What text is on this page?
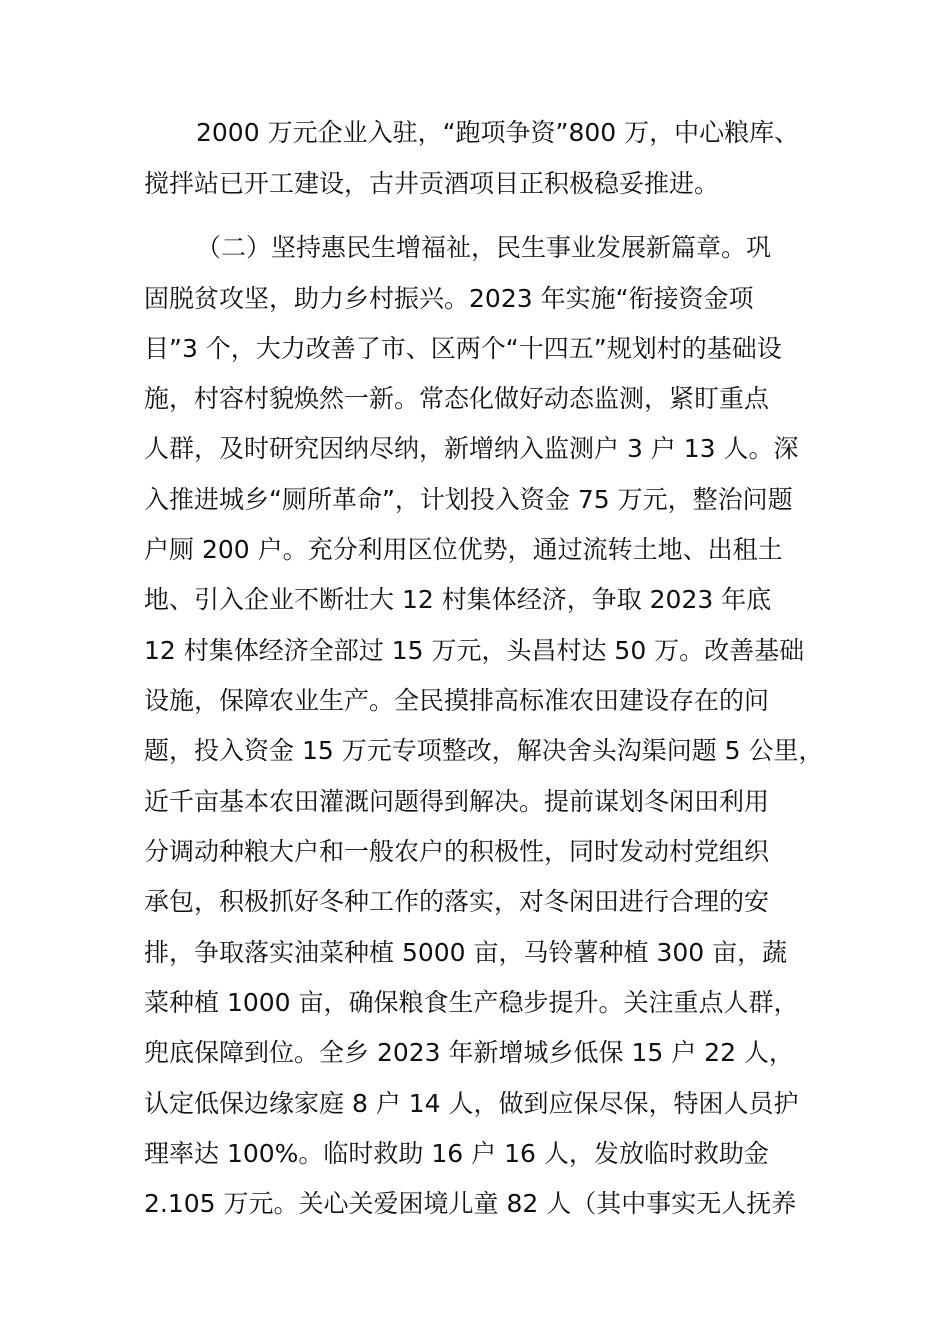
2000 万元企业入驻，“跑项争资”800 万，中心粮库、
搅拌站已开工建设，古井贡酒项目正积极稳妥推进。
（二）坚持惠民生增福祉，民生事业发展新篇章。巩
固脱贫攻坚，助力乡村振兴。2023 年实施“衔接资金项
目”3 个，大力改善了市、区两个“十四五”规划村的基础设
施，村容村貌焕然一新。常态化做好动态监测，紧盯重点
人群，及时研究因纳尽纳，新增纳入监测户 3 户 13 人。深
入推进城乡“厕所革命”，计划投入资金 75 万元，整治问题
户厕 200 户。充分利用区位优势，通过流转土地、出租土
地、引入企业不断壮大 12 村集体经济，争取 2023 年底
12 村集体经济全部过 15 万元，头昌村达 50 万。改善基础
设施，保障农业生产。全民摸排高标准农田建设存在的问
题，投入资金 15 万元专项整改，解决舍头沟渠问题 5 公里，
近千亩基本农田灌溉问题得到解决。提前谋划冬闲田利用
分调动种粮大户和一般农户的积极性，同时发动村党组织
承包，积极抓好冬种工作的落实，对冬闲田进行合理的安
排，争取落实油菜种植 5000 亩，马铃薯种植 300 亩，蔬
菜种植 1000 亩，确保粮食生产稳步提升。关注重点人群，
兜底保障到位。全乡 2023 年新增城乡低保 15 户 22 人，
认定低保边缘家庭 8 户 14 人，做到应保尽保，特困人员护
理率达 100%。临时救助 16 户 16 人，发放临时救助金
2.105 万元。关心关爱困境儿童 82 人（其中事实无人抚养
